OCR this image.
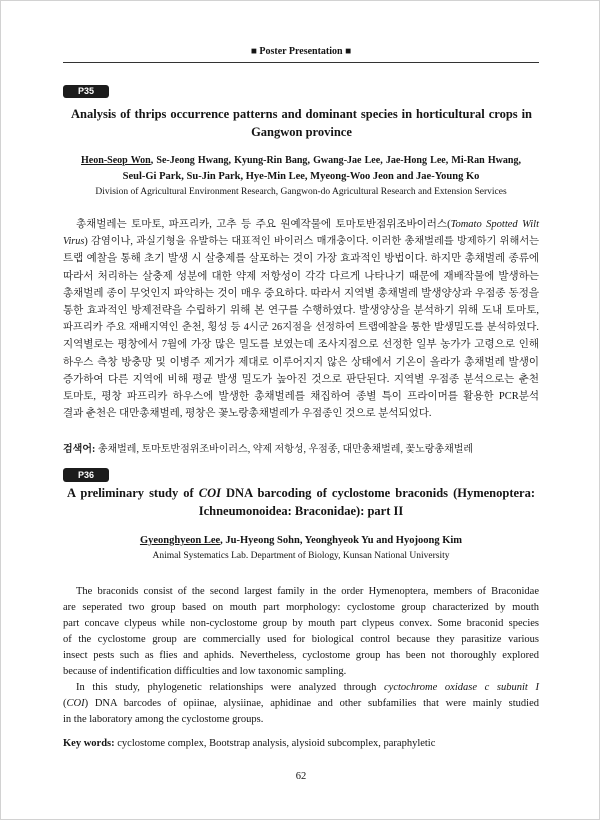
■ Poster Presentation ■
P35
Analysis of thrips occurrence patterns and dominant species in horticultural crops in
Gangwon province
Heon-Seop Won, Se-Jeong Hwang, Kyung-Rin Bang, Gwang-Jae Lee, Jae-Hong Lee, Mi-Ran Hwang,
Seul-Gi Park, Su-Jin Park, Hye-Min Lee, Myeong-Woo Jeon and Jae-Young Ko
Division of Agricultural Environment Research, Gangwon-do Agricultural Research and Extension Services
총채벌레는 토마토, 파프리카, 고추 등 주요 원예작물에 토마토반점위조바이러스(Tomato Spotted Wilt
Virus) 감염이나, 과실기형을 유발하는 대표적인 바이러스 매개충이다. 이러한 총채벌레를 방제하기 위해서는
트랩 예찰을 통해 초기 발생 시 살충제를 살포하는 것이 가장 효과적인 방법이다. 하지만 총채벌레 종류에
따라서 처리하는 살충제 성분에 대한 약제 저항성이 각각 다르게 나타나기 때문에 재배작물에 발생하는
총채벌레 종이 무엇인지 파악하는 것이 매우 중요하다. 따라서 지역별 총채벌레 발생양상과 우점종 동정을
통한 효과적인 방제전략을 수립하기 위해 본 연구를 수행하였다. 발생양상을 분석하기 위해 도내 토마토,
파프리카 주요 재배지역인 춘천, 횡성 등 4시군 26지점을 선정하여 트랩예찰을 통한 발생밀도를 분석하였다.
지역별로는 평창에서 7월에 가장 많은 밀도를 보였는데 조사지점으로 선정한 일부 농가가 고령으로 인해
하우스 측창 방충망 및 이병주 제거가 제대로 이루어지지 않은 상태에서 기온이 올라가 총채벌레 발생이
증가하여 다른 지역에 비해 평균 발생 밀도가 높아진 것으로 판단된다. 지역별 우점종 분석으로는 춘천
토마토, 평창 파프리카 하우스에 발생한 총채벌레를 채집하여 종별 특이 프라이머를 활용한 PCR분석
결과 춘천은 대만총채벌레, 평창은 꽃노랑총채벌레가 우점종인 것으로 분석되었다.
검색어: 총채벌레, 토마토반점위조바이러스, 약제 저항성, 우점종, 대만총채벌레, 꽃노랑총채벌레
P36
A preliminary study of COI DNA barcoding of cyclostome braconids (Hymenoptera:
Ichneumonoidea: Braconidae): part II
Gyeonghyeon Lee, Ju-Hyeong Sohn, Yeonghyeok Yu and Hyojoong Kim
Animal Systematics Lab. Department of Biology, Kunsan National University
The braconids consist of the second largest family in the order Hymenoptera, members of Braconidae
are seperated two group based on mouth part morphology: cyclostome group characterized by mouth
part concave clypeus while non-cyclostome group by mouth part clypeus convex. Some braconid species
of the cyclostome group are commercially used for biological control because they parasitize various
insect pests such as flies and aphids. Nevertheless, cyclostome group has been not thoroughly explored
because of indentification difficulties and low taxonomic sampling.
In this study, phylogenetic relationships were analyzed through cyctochrome oxidase c subunit I
(COI) DNA barcodes of opiinae, alysiinae, aphidinae and other subfamilies that were mainly studied
in the laboratory among the cyclostome groups.
Key words: cyclostome complex, Bootstrap analysis, alysioid subcomplex, paraphyletic
62
